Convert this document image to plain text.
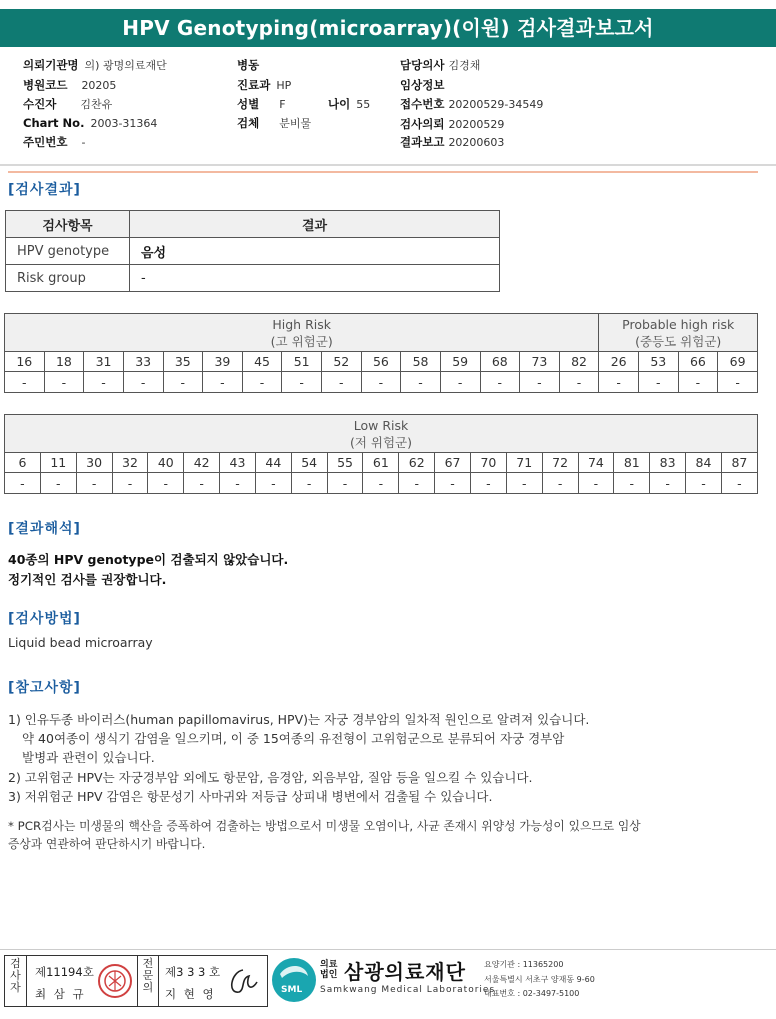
HPV Genotyping(microarray)(이원) 검사결과보고서
의뢰기관명 의) 광명의료재단
병원코드 20205
수진자 김찬유
Chart No. 2003-31364
주민번호 -
병동
진료과 HP
성별 F	나이 55
검체 분비물
담당의사 김경채
임상정보
접수번호 20200529-34549
검사의뢰 20200529
결과보고 20200603
[검사결과]
검사항목	결과
HPV genotype	음성
Risk group	-
High Risk
(고 위험군)															Probable high risk
(중등도 위험군)			
16	18	31	33	35	39	45	51	52	56	58	59	68	73	82	26	53	66	69
-	-	-	-	-	-	-	-	-	-	-	-	-	-	-	-	-	-	-
Low Risk
(저 위험군)																				
6	11	30	32	40	42	43	44	54	55	61	62	67	70	71	72	74	81	83	84	87
-	-	-	-	-	-	-	-	-	-	-	-	-	-	-	-	-	-	-	-	-
[결과해석]
40종의 HPV genotype이 검출되지 않았습니다.
정기적인 검사를 권장합니다.
[검사방법]
Liquid bead microarray
[참고사항]
1) 인유두종 바이러스(human papillomavirus, HPV)는 자궁 경부암의 일차적 원인으로 알려져 있습니다.
약 40여종이 생식기 감염을 일으키며, 이 중 15여종의 유전형이 고위험군으로 분류되어 자궁 경부암
발병과 관련이 있습니다.
2) 고위험군 HPV는 자궁경부암 외에도 항문암, 음경암, 외음부암, 질암 등을 일으킬 수 있습니다.
3) 저위험군 HPV 감염은 항문성기 사마귀와 저등급 상피내 병변에서 검출될 수 있습니다.
* PCR검사는 미생물의 핵산을 증폭하여 검출하는 방법으로서 미생물 오염이나, 사균 존재시 위양성 가능성이 있으므로 임상
증상과 연관하여 판단하시기 바랍니다.
검사자
제11194호
최 삼 규
전문의
제3 3 3 호
지 현 영	SML
의료법인 삼광의료재단
Samkwang Medical Laboratories
요양기관 : 11365200
서울특별시 서초구 양재동 9-60
대표번호 : 02-3497-5100
